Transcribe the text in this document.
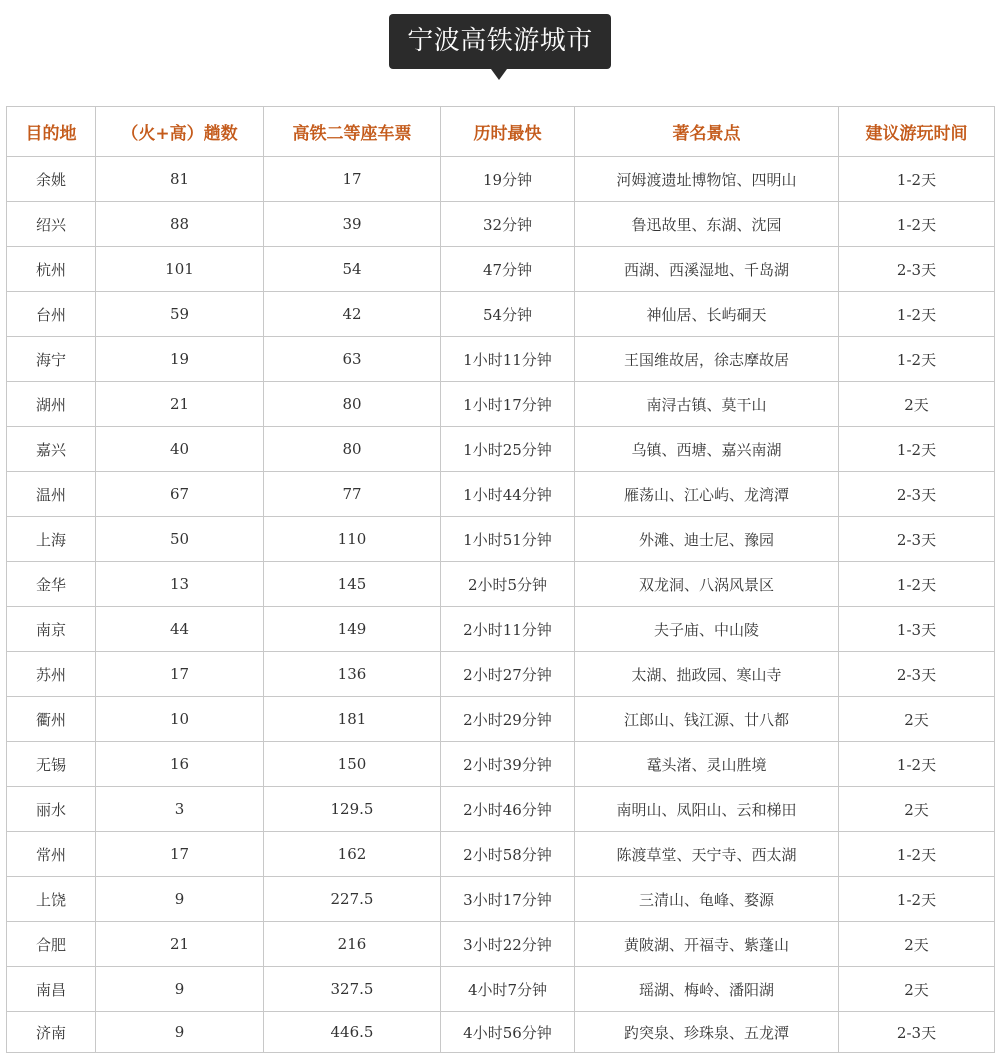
宁波高铁游城市
目的地	（火+高）趟数	高铁二等座车票	历时最快	著名景点	建议游玩时间
余姚	81	17	19分钟	河姆渡遗址博物馆、四明山	1-2天
绍兴	88	39	32分钟	鲁迅故里、东湖、沈园	1-2天
杭州	101	54	47分钟	西湖、西溪湿地、千岛湖	2-3天
台州	59	42	54分钟	神仙居、长屿硐天	1-2天
海宁	19	63	1小时11分钟	王国维故居，徐志摩故居	1-2天
湖州	21	80	1小时17分钟	南浔古镇、莫干山	2天
嘉兴	40	80	1小时25分钟	乌镇、西塘、嘉兴南湖	1-2天
温州	67	77	1小时44分钟	雁荡山、江心屿、龙湾潭	2-3天
上海	50	110	1小时51分钟	外滩、迪士尼、豫园	2-3天
金华	13	145	2小时5分钟	双龙洞、八涡风景区	1-2天
南京	44	149	2小时11分钟	夫子庙、中山陵	1-3天
苏州	17	136	2小时27分钟	太湖、拙政园、寒山寺	2-3天
衢州	10	181	2小时29分钟	江郎山、钱江源、廿八都	2天
无锡	16	150	2小时39分钟	鼋头渚、灵山胜境	1-2天
丽水	3	129.5	2小时46分钟	南明山、凤阳山、云和梯田	2天
常州	17	162	2小时58分钟	陈渡草堂、天宁寺、西太湖	1-2天
上饶	9	227.5	3小时17分钟	三清山、龟峰、婺源	1-2天
合肥	21	216	3小时22分钟	黄陂湖、开福寺、紫蓬山	2天
南昌	9	327.5	4小时7分钟	瑶湖、梅岭、潘阳湖	2天
济南	9	446.5	4小时56分钟	趵突泉、珍珠泉、五龙潭	2-3天
